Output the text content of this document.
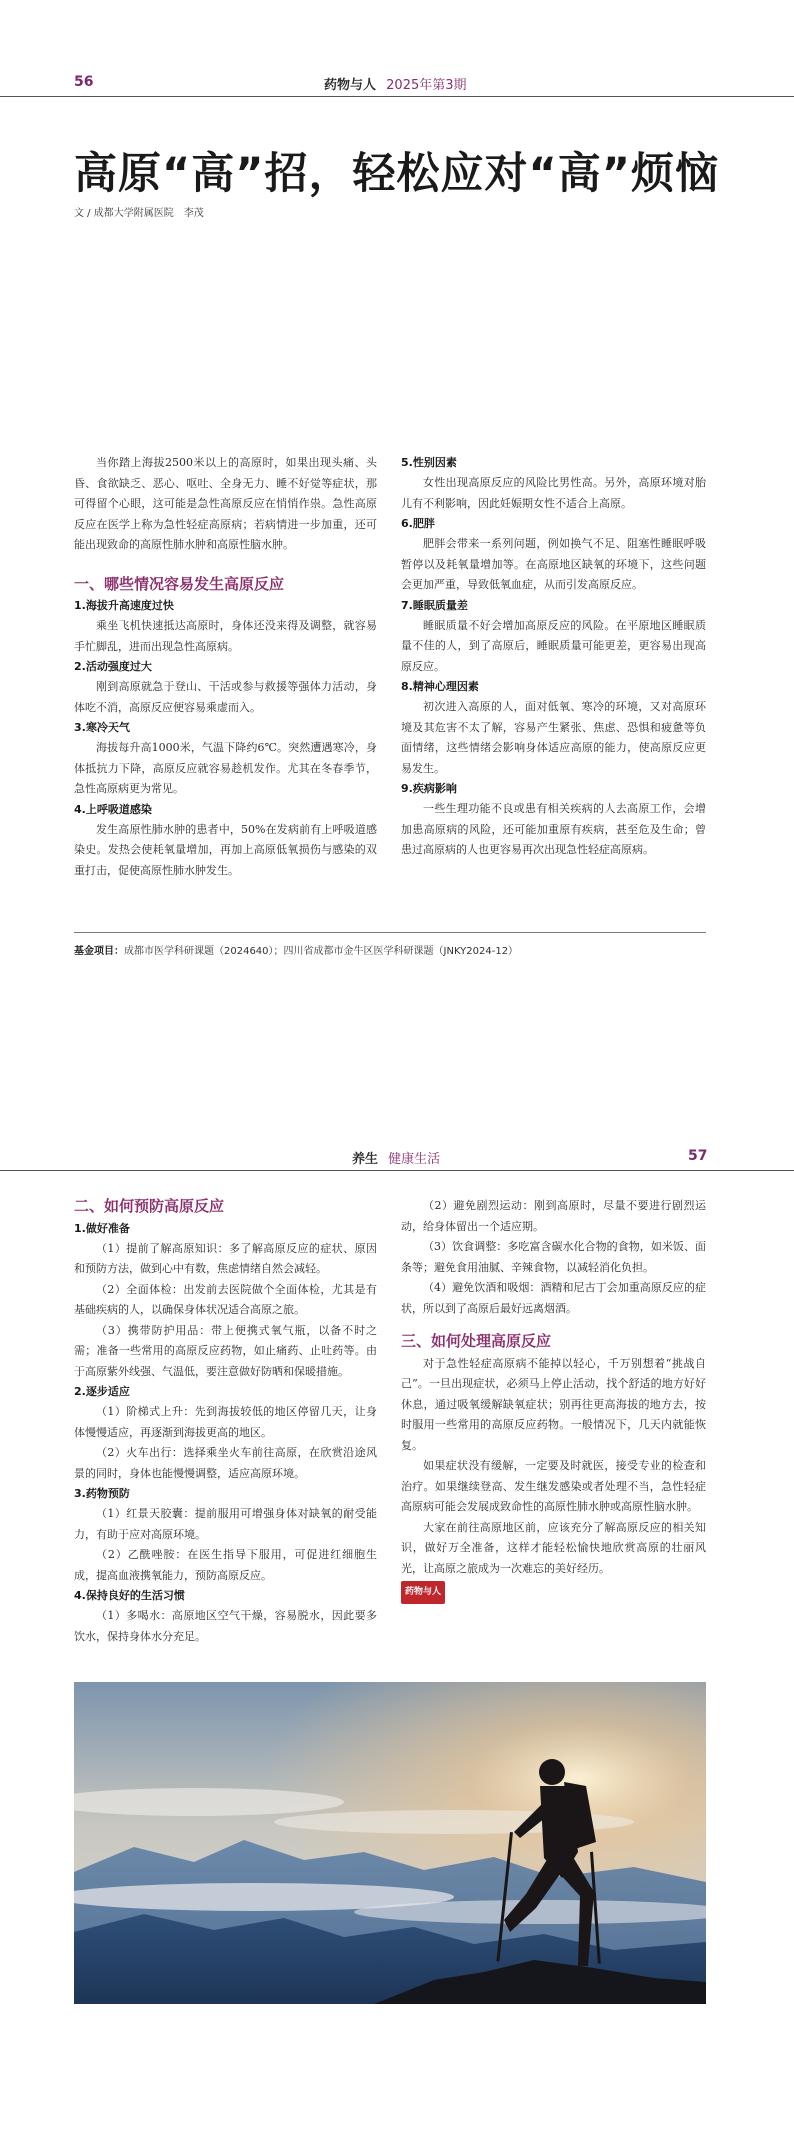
56	药物与人 2025年第3期
高原“高”招，轻松应对“高”烦恼
文 / 成都大学附属医院　李茂

当你踏上海拔2500米以上的高原时，如果出现头痛、头昏、食欲缺乏、恶心、呕吐、全身无力、睡不好觉等症状，那可得留个心眼，这可能是急性高原反应在悄悄作祟。急性高原反应在医学上称为急性轻症高原病；若病情进一步加重，还可能出现致命的高原性肺水肿和高原性脑水肿。

一、哪些情况容易发生高原反应
1.海拔升高速度过快

乘坐飞机快速抵达高原时，身体还没来得及调整，就容易手忙脚乱，进而出现急性高原病。

2.活动强度过大

刚到高原就急于登山、干活或参与救援等强体力活动，身体吃不消，高原反应便容易乘虚而入。

3.寒冷天气

海拔每升高1000米，气温下降约6℃。突然遭遇寒冷，身体抵抗力下降，高原反应就容易趁机发作。尤其在冬春季节，急性高原病更为常见。

4.上呼吸道感染

发生高原性肺水肿的患者中，50%在发病前有上呼吸道感染史。发热会使耗氧量增加，再加上高原低氧损伤与感染的双重打击，促使高原性肺水肿发生。

5.性别因素

女性出现高原反应的风险比男性高。另外，高原环境对胎儿有不利影响，因此妊娠期女性不适合上高原。

6.肥胖

肥胖会带来一系列问题，例如换气不足、阻塞性睡眠呼吸暂停以及耗氧量增加等。在高原地区缺氧的环境下，这些问题会更加严重，导致低氧血症，从而引发高原反应。

7.睡眠质量差

睡眠质量不好会增加高原反应的风险。在平原地区睡眠质量不佳的人，到了高原后，睡眠质量可能更差，更容易出现高原反应。

8.精神心理因素

初次进入高原的人，面对低氧、寒冷的环境，又对高原环境及其危害不太了解，容易产生紧张、焦虑、恐惧和疲惫等负面情绪，这些情绪会影响身体适应高原的能力，使高原反应更易发生。

9.疾病影响

一些生理功能不良或患有相关疾病的人去高原工作，会增加患高原病的风险，还可能加重原有疾病，甚至危及生命；曾患过高原病的人也更容易再次出现急性轻症高原病。

基金项目：成都市医学科研课题（2024640）；四川省成都市金牛区医学科研课题（JNKY2024-12）
养生 健康生活	57
二、如何预防高原反应
1.做好准备

（1）提前了解高原知识：多了解高原反应的症状、原因和预防方法，做到心中有数，焦虑情绪自然会减轻。

（2）全面体检：出发前去医院做个全面体检，尤其是有基础疾病的人，以确保身体状况适合高原之旅。

（3）携带防护用品：带上便携式氧气瓶，以备不时之需；准备一些常用的高原反应药物，如止痛药、止吐药等。由于高原紫外线强、气温低，要注意做好防晒和保暖措施。

2.逐步适应

（1）阶梯式上升：先到海拔较低的地区停留几天，让身体慢慢适应，再逐渐到海拔更高的地区。

（2）火车出行：选择乘坐火车前往高原，在欣赏沿途风景的同时，身体也能慢慢调整，适应高原环境。

3.药物预防

（1）红景天胶囊：提前服用可增强身体对缺氧的耐受能力，有助于应对高原环境。

（2）乙酰唑胺：在医生指导下服用，可促进红细胞生成，提高血液携氧能力，预防高原反应。

4.保持良好的生活习惯

（1）多喝水：高原地区空气干燥，容易脱水，因此要多饮水，保持身体水分充足。

（2）避免剧烈运动：刚到高原时，尽量不要进行剧烈运动，给身体留出一个适应期。

（3）饮食调整：多吃富含碳水化合物的食物，如米饭、面条等；避免食用油腻、辛辣食物，以减轻消化负担。

（4）避免饮酒和吸烟：酒精和尼古丁会加重高原反应的症状，所以到了高原后最好远离烟酒。

三、如何处理高原反应

对于急性轻症高原病不能掉以轻心，千万别想着“挑战自己”。一旦出现症状，必须马上停止活动，找个舒适的地方好好休息，通过吸氧缓解缺氧症状；别再往更高海拔的地方去，按时服用一些常用的高原反应药物。一般情况下，几天内就能恢复。

如果症状没有缓解，一定要及时就医，接受专业的检查和治疗。如果继续登高、发生继发感染或者处理不当，急性轻症高原病可能会发展成致命性的高原性肺水肿或高原性脑水肿。

大家在前往高原地区前，应该充分了解高原反应的相关知识，做好万全准备，这样才能轻松愉快地欣赏高原的壮丽风光，让高原之旅成为一次难忘的美好经历。

药物与人
